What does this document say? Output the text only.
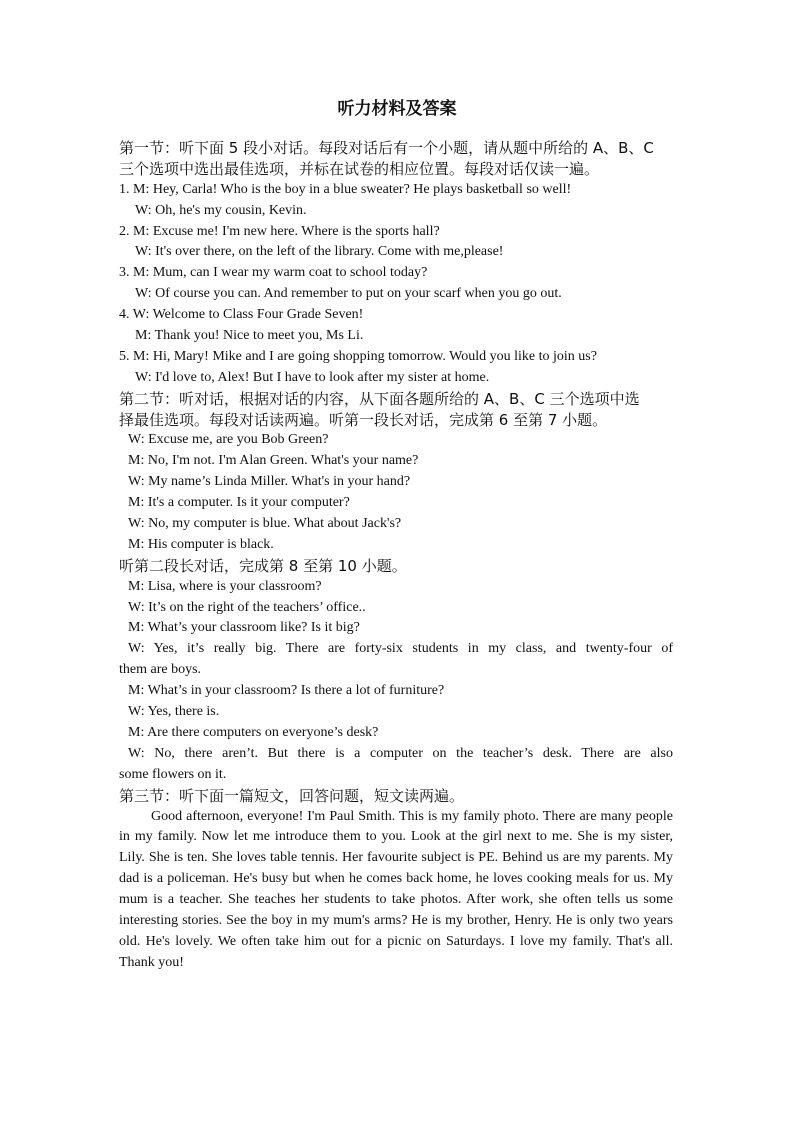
听力材料及答案
第一节：听下面 5 段小对话。每段对话后有一个小题，请从题中所给的 A、B、C
三个选项中选出最佳选项，并标在试卷的相应位置。每段对话仅读一遍。
1. M: Hey, Carla! Who is the boy in a blue sweater? He plays basketball so well!
W: Oh, he's my cousin, Kevin.
2. M: Excuse me! I'm new here. Where is the sports hall?
W: It's over there, on the left of the library. Come with me,please!
3. M: Mum, can I wear my warm coat to school today?
W: Of course you can. And remember to put on your scarf when you go out.
4. W: Welcome to Class Four Grade Seven!
M: Thank you! Nice to meet you, Ms Li.
5. M: Hi, Mary! Mike and I are going shopping tomorrow. Would you like to join us?
W: I'd love to, Alex! But I have to look after my sister at home.
第二节：听对话，根据对话的内容，从下面各题所给的 A、B、C 三个选项中选
择最佳选项。每段对话读两遍。听第一段长对话，完成第 6 至第 7 小题。
W: Excuse me, are you Bob Green?
M: No, I'm not. I'm Alan Green. What's your name?
W: My name’s Linda Miller. What's in your hand?
M: It's a computer. Is it your computer?
W: No, my computer is blue. What about Jack's?
M: His computer is black.
听第二段长对话，完成第 8 至第 10 小题。
M: Lisa, where is your classroom?
W: It’s on the right of the teachers’ office..
M: What’s your classroom like? Is it big?
W: Yes, it’s really big. There are forty-six students in my class, and twenty-four of
them are boys.
M: What’s in your classroom? Is there a lot of furniture?
W: Yes, there is.
M: Are there computers on everyone’s desk?
W: No, there aren’t. But there is a computer on the teacher’s desk. There are also
some flowers on it.
第三节：听下面一篇短文，回答问题，短文读两遍。
Good afternoon, everyone! I'm Paul Smith. This is my family photo. There are many people in my family. Now let me introduce them to you. Look at the girl next to me. She is my sister, Lily. She is ten. She loves table tennis. Her favourite subject is PE. Behind us are my parents. My dad is a policeman. He's busy but when he comes back home, he loves cooking meals for us. My mum is a teacher. She teaches her students to take photos. After work, she often tells us some interesting stories. See the boy in my mum's arms? He is my brother, Henry. He is only two years old. He's lovely. We often take him out for a picnic on Saturdays. I love my family. That's all. Thank you!
